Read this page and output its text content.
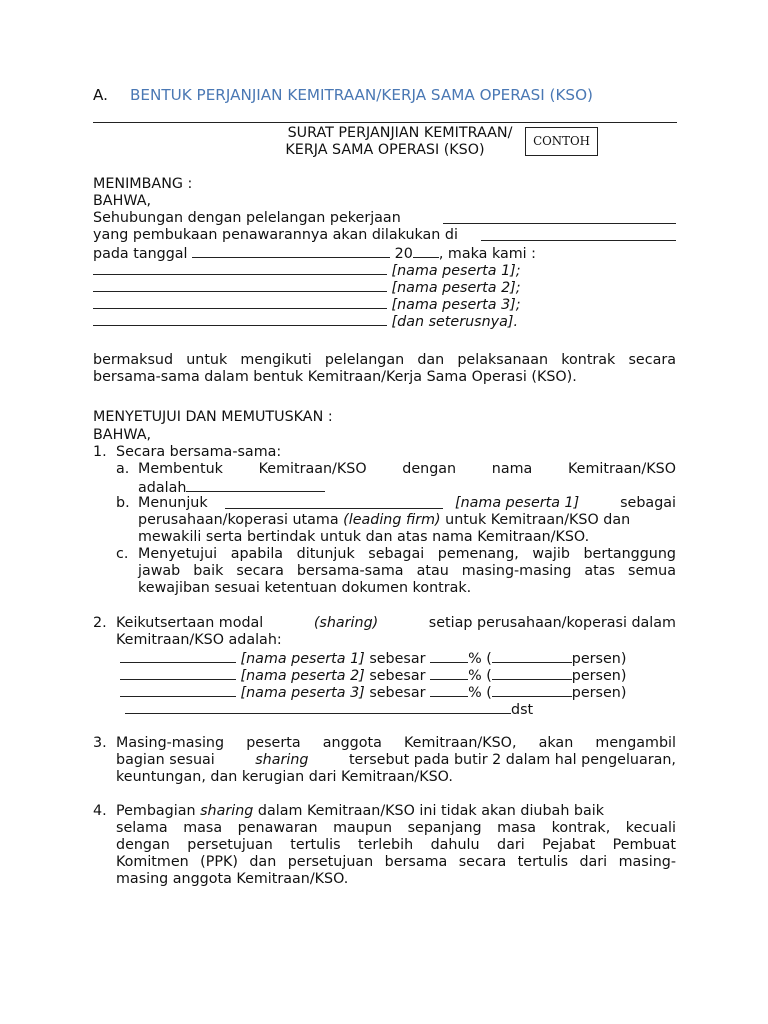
A. BENTUK PERJANJIAN KEMITRAAN/KERJA SAMA OPERASI (KSO)
SURAT PERJANJIAN KEMITRAAN/
KERJA SAMA OPERASI (KSO)
CONTOH
MENIMBANG :
BAHWA,
Sehubungan dengan pelelangan pekerjaan
yang pembukaan penawarannya akan dilakukan di
pada tanggal	20 , maka kami :
[nama peserta 1];
[nama peserta 2];
[nama peserta 3];
[dan seterusnya].
bermaksud untuk mengikuti pelelangan dan pelaksanaan kontrak secara
bersama-sama dalam bentuk Kemitraan/Kerja Sama Operasi (KSO).
MENYETUJUI DAN MEMUTUSKAN :
BAHWA,
1. Secara bersama-sama:
a. Membentuk Kemitraan/KSO dengan nama Kemitraan/KSO
adalah
b. Menunjuk	[nama peserta 1]	sebagai
perusahaan/koperasi utama (leading firm) untuk Kemitraan/KSO dan
mewakili serta bertindak untuk dan atas nama Kemitraan/KSO.
c. Menyetujui apabila ditunjuk sebagai pemenang, wajib bertanggung
jawab baik secara bersama-sama atau masing-masing atas semua
kewajiban sesuai ketentuan dokumen kontrak.
2. Keikutsertaan modal	(sharing)	setiap perusahaan/koperasi dalam
Kemitraan/KSO adalah:
[nama peserta 1] sebesar	% (	persen)
[nama peserta 2] sebesar	% (	persen)
[nama peserta 3] sebesar	% (	persen)
dst
3. Masing-masing peserta anggota Kemitraan/KSO, akan mengambil
bagian sesuai	sharing	tersebut pada butir 2 dalam hal pengeluaran,
keuntungan, dan kerugian dari Kemitraan/KSO.
4. Pembagian sharing dalam Kemitraan/KSO ini tidak akan diubah baik
selama masa penawaran maupun sepanjang masa kontrak, kecuali
dengan persetujuan tertulis terlebih dahulu dari Pejabat Pembuat
Komitmen (PPK) dan persetujuan bersama secara tertulis dari masing-
masing anggota Kemitraan/KSO.
